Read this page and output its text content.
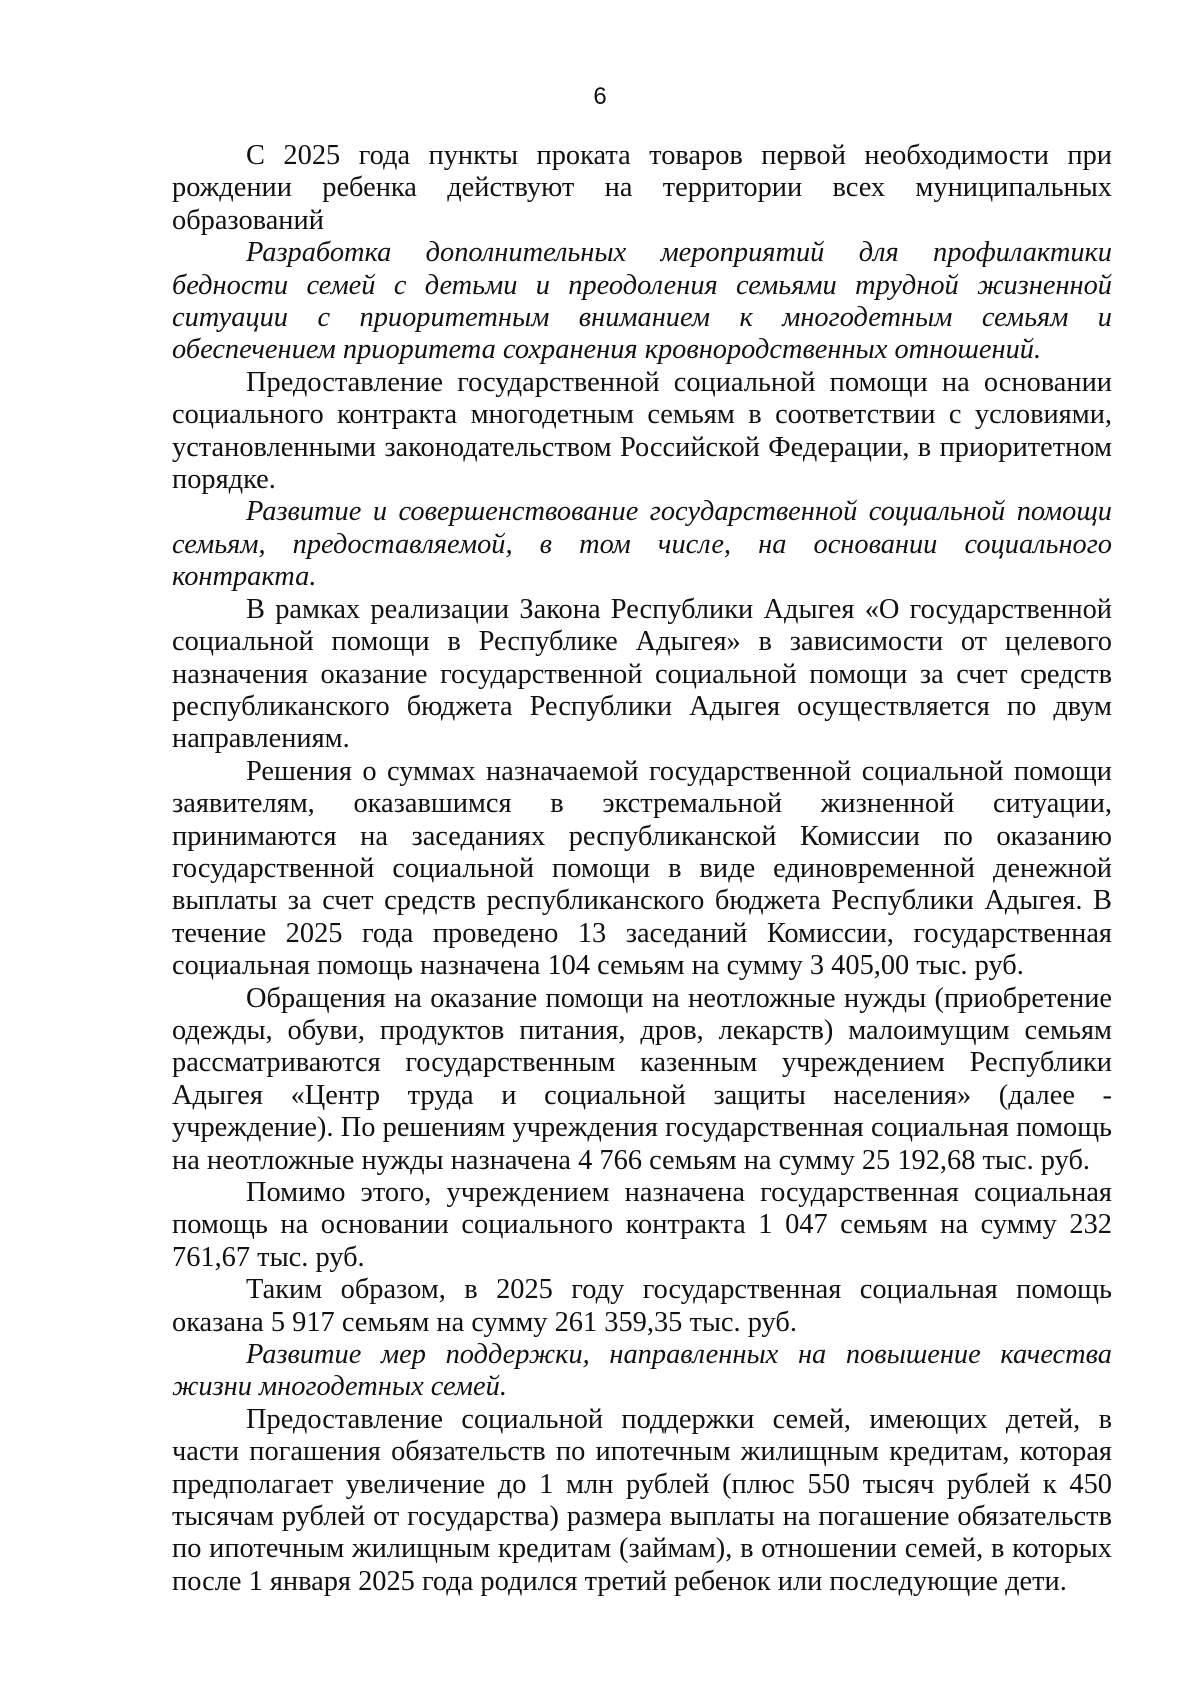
6

С 2025 года пункты проката товаров первой необходимости при рождении ребенка действуют на территории всех муниципальных образований

Разработка дополнительных мероприятий для профилактики бедности семей с детьми и преодоления семьями трудной жизненной ситуации с приоритетным вниманием к многодетным семьям и обеспечением приоритета сохранения кровнородственных отношений.

Предоставление государственной социальной помощи на основании социального контракта многодетным семьям в соответствии с условиями, установленными законодательством Российской Федерации, в приоритетном порядке.

Развитие и совершенствование государственной социальной помощи семьям, предоставляемой, в том числе, на основании социального контракта.

В рамках реализации Закона Республики Адыгея «О государственной социальной помощи в Республике Адыгея» в зависимости от целевого назначения оказание государственной социальной помощи за счет средств республиканского бюджета Республики Адыгея осуществляется по двум направлениям.

Решения о суммах назначаемой государственной социальной помощи заявителям, оказавшимся в экстремальной жизненной ситуации, принимаются на заседаниях республиканской Комиссии по оказанию государственной социальной помощи в виде единовременной денежной выплаты за счет средств республиканского бюджета Республики Адыгея. В течение 2025 года проведено 13 заседаний Комиссии, государственная социальная помощь назначена 104 семьям на сумму 3 405,00 тыс. руб.

Обращения на оказание помощи на неотложные нужды (приобретение одежды, обуви, продуктов питания, дров, лекарств) малоимущим семьям рассматриваются государственным казенным учреждением Республики Адыгея «Центр труда и социальной защиты населения» (далее - учреждение). По решениям учреждения государственная социальная помощь на неотложные нужды назначена 4 766 семьям на сумму 25 192,68 тыс. руб.

Помимо этого, учреждением назначена государственная социальная помощь на основании социального контракта 1 047 семьям на сумму 232 761,67 тыс. руб.

Таким образом, в 2025 году государственная социальная помощь оказана 5 917 семьям на сумму 261 359,35 тыс. руб.

Развитие мер поддержки, направленных на повышение качества жизни многодетных семей.

Предоставление социальной поддержки семей, имеющих детей, в части погашения обязательств по ипотечным жилищным кредитам, которая предполагает увеличение до 1 млн рублей (плюс 550 тысяч рублей к 450 тысячам рублей от государства) размера выплаты на погашение обязательств по ипотечным жилищным кредитам (займам), в отношении семей, в которых после 1 января 2025 года родился третий ребенок или последующие дети.
